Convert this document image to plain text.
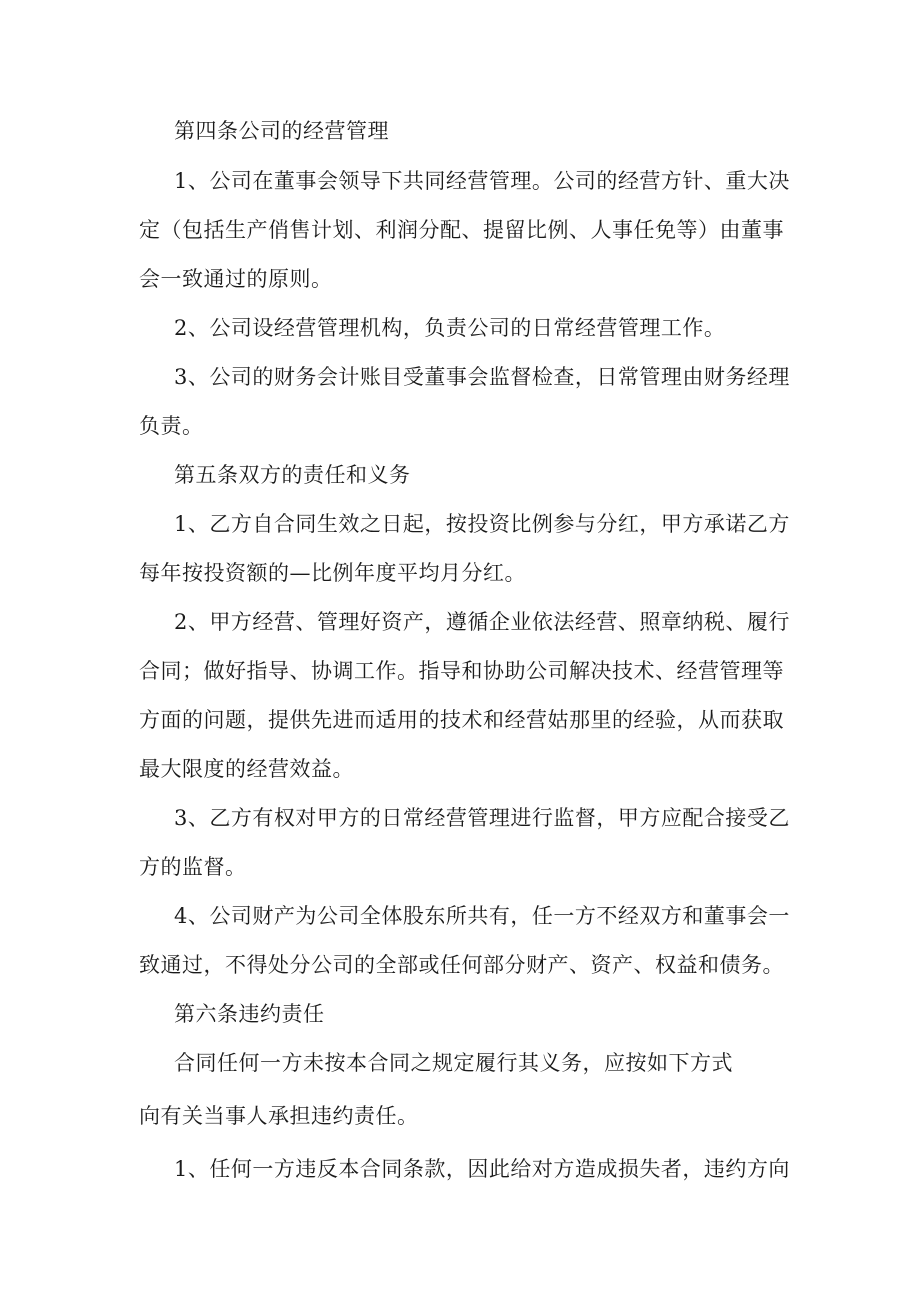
第四条公司的经营管理
1、公司在董事会领导下共同经营管理。公司的经营方针、重大决
定（包括生产俏售计划、利润分配、提留比例、人事任免等）由董事
会一致通过的原则。
2、公司设经营管理机构，负责公司的日常经营管理工作。
3、公司的财务会计账目受董事会监督检查，日常管理由财务经理
负责。
第五条双方的责任和义务
1、乙方自合同生效之日起，按投资比例参与分红，甲方承诺乙方
每年按投资额的—比例年度平均月分红。
2、甲方经营、管理好资产，遵循企业依法经营、照章纳税、履行
合同；做好指导、协调工作。指导和协助公司解决技术、经营管理等
方面的问题，提供先进而适用的技术和经营姑那里的经验，从而获取
最大限度的经营效益。
3、乙方有权对甲方的日常经营管理进行监督，甲方应配合接受乙
方的监督。
4、公司财产为公司全体股东所共有，任一方不经双方和董事会一
致通过，不得处分公司的全部或任何部分财产、资产、权益和债务。
第六条违约责任
合同任何一方未按本合同之规定履行其义务，应按如下方式
向有关当事人承担违约责任。
1、任何一方违反本合同条款，因此给对方造成损失者，违约方向
